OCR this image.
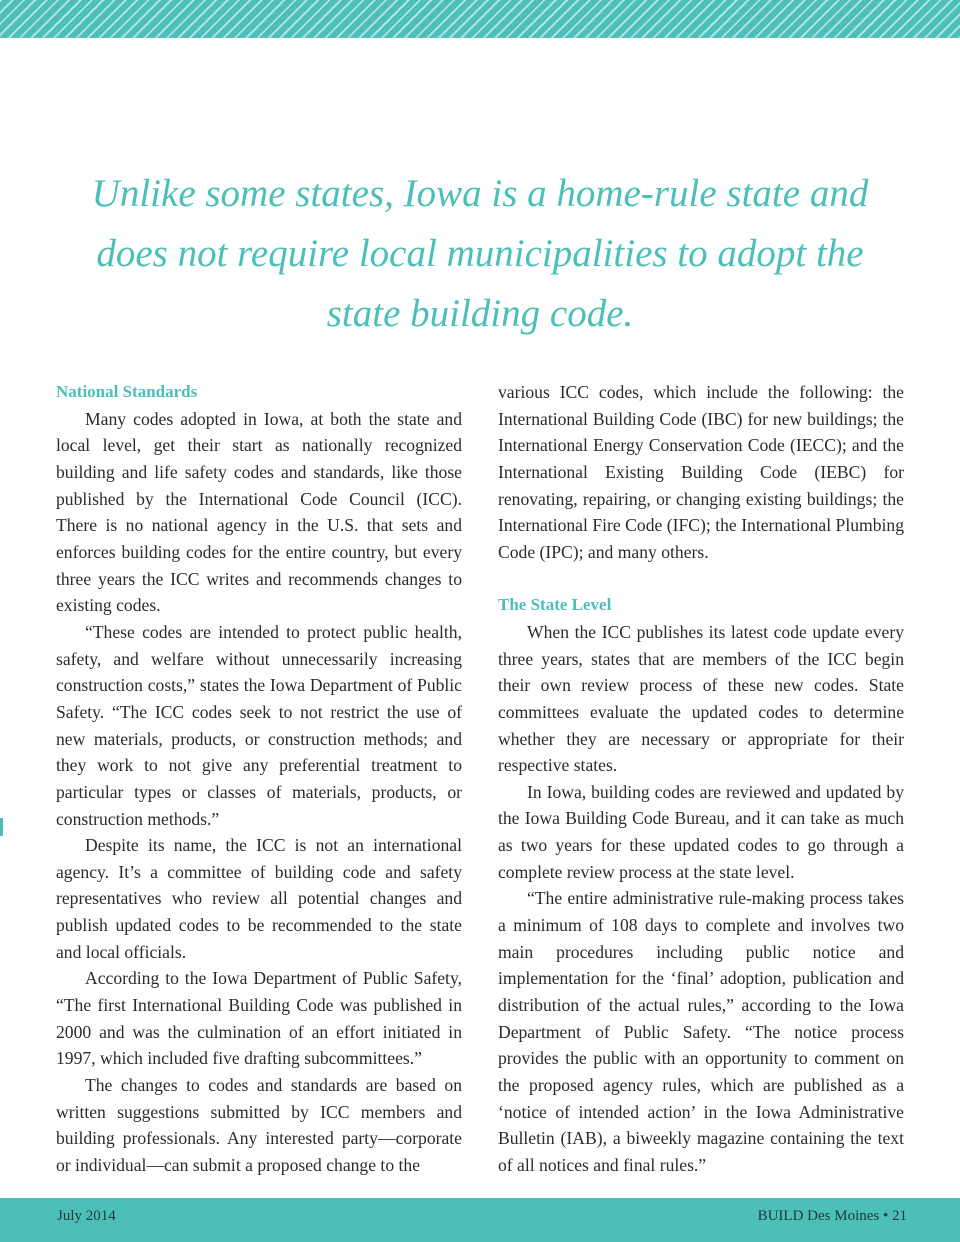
Unlike some states, Iowa is a home-rule state and does not require local municipalities to adopt the state building code.
National Standards

Many codes adopted in Iowa, at both the state and local level, get their start as nationally recognized building and life safety codes and standards, like those published by the International Code Council (ICC). There is no national agency in the U.S. that sets and enforces building codes for the entire country, but every three years the ICC writes and recommends changes to existing codes.

“These codes are intended to protect public health, safety, and welfare without unnecessarily increasing construction costs,” states the Iowa Department of Public Safety. “The ICC codes seek to not restrict the use of new materials, products, or construction methods; and they work to not give any preferential treatment to particular types or classes of materials, products, or construction methods.”

Despite its name, the ICC is not an international agency. It’s a committee of building code and safety representatives who review all potential changes and publish updated codes to be recommended to the state and local officials.

According to the Iowa Department of Public Safety, “The first International Building Code was published in 2000 and was the culmination of an effort initiated in 1997, which included five drafting subcommittees.”

The changes to codes and standards are based on written suggestions submitted by ICC members and building professionals. Any interested party—corporate or individual—can submit a proposed change to the

various ICC codes, which include the following: the International Building Code (IBC) for new buildings; the International Energy Conservation Code (IECC); and the International Existing Building Code (IEBC) for renovating, repairing, or changing existing buildings; the International Fire Code (IFC); the International Plumbing Code (IPC); and many others.

The State Level

When the ICC publishes its latest code update every three years, states that are members of the ICC begin their own review process of these new codes. State committees evaluate the updated codes to determine whether they are necessary or appropriate for their respective states.

In Iowa, building codes are reviewed and updated by the Iowa Building Code Bureau, and it can take as much as two years for these updated codes to go through a complete review process at the state level.

“The entire administrative rule-making process takes a minimum of 108 days to complete and involves two main procedures including public notice and implementation for the ‘final’ adoption, publication and distribution of the actual rules,” according to the Iowa Department of Public Safety. “The notice process provides the public with an opportunity to comment on the proposed agency rules, which are published as a ‘notice of intended action’ in the Iowa Administrative Bulletin (IAB), a biweekly magazine containing the text of all notices and final rules.”

July 2014	BUILD Des Moines • 21
